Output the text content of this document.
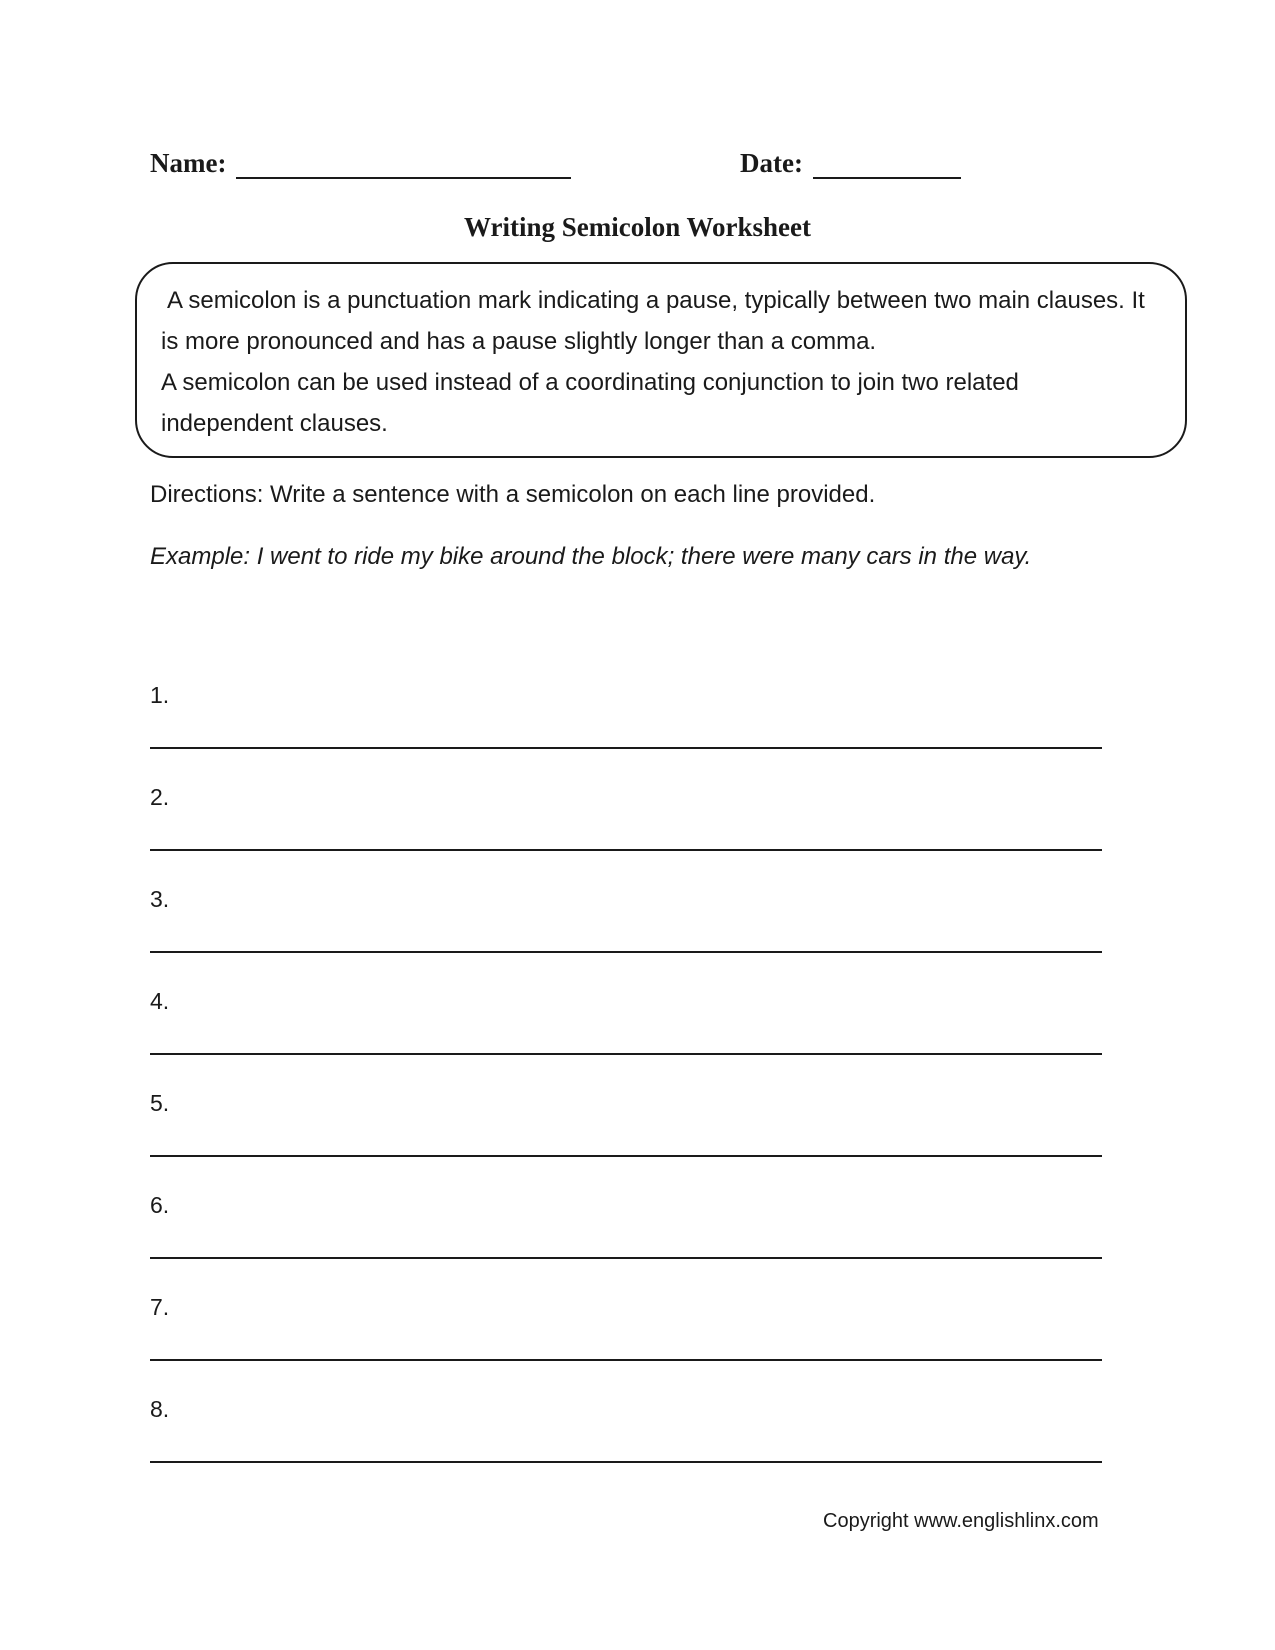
Name:	Date:
Writing Semicolon Worksheet

A semicolon is a punctuation mark indicating a pause, typically between two main clauses. It is more pronounced and has a pause slightly longer than a comma.

A semicolon can be used instead of a coordinating conjunction to join two related independent clauses.

Directions: Write a sentence with a semicolon on each line provided.
Example: I went to ride my bike around the block; there were many cars in the way.
1.
2.
3.
4.
5.
6.
7.
8.
Copyright www.englishlinx.com
